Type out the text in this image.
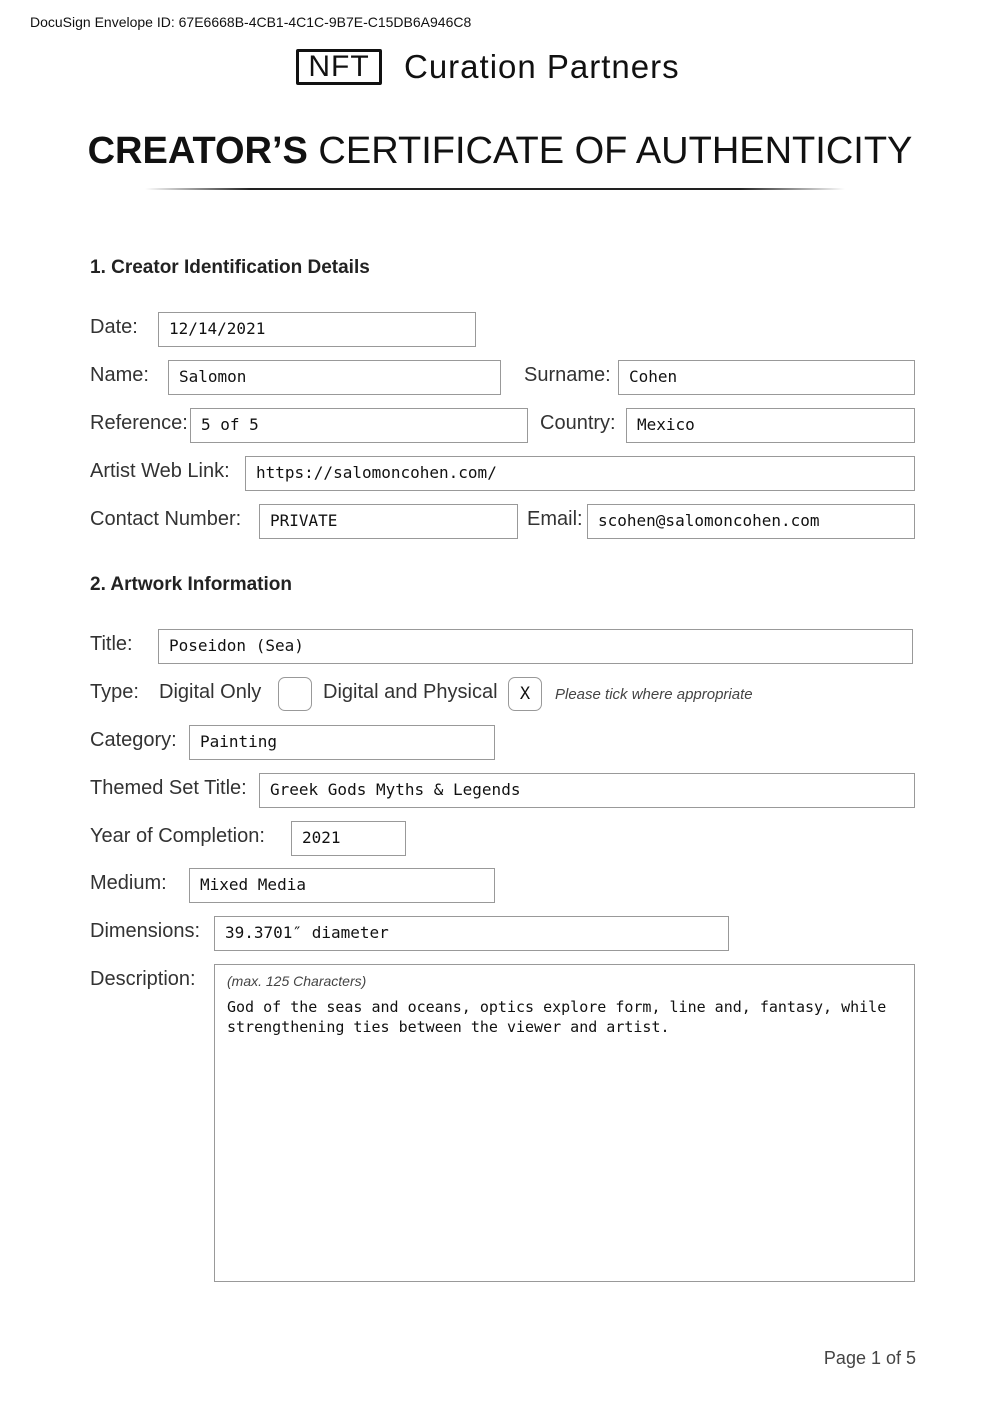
DocuSign Envelope ID: 67E6668B-4CB1-4C1C-9B7E-C15DB6A946C8
NFT	Curation Partners
CREATOR’S CERTIFICATE OF AUTHENTICITY
1. Creator Identification Details
Date:	12/14/2021
Name:	Salomon	Surname:	Cohen
Reference: 5 of 5	Country:	Mexico
Artist Web Link:	https://salomoncohen.com/
Contact Number:	PRIVATE	Email: scohen@salomoncohen.com
2. Artwork Information
Title:	Poseidon (Sea)
Type: Digital Only	Digital and Physical	X	Please tick where appropriate
Category:	Painting
Themed Set Title:	Greek Gods Myths & Legends
Year of Completion:	2021
Medium:	Mixed Media
Dimensions:	39.3701″ diameter
Description: (max. 125 Characters)
God of the seas and oceans, optics explore form, line and, fantasy, while strengthening ties between the viewer and artist.
Page 1 of 5
